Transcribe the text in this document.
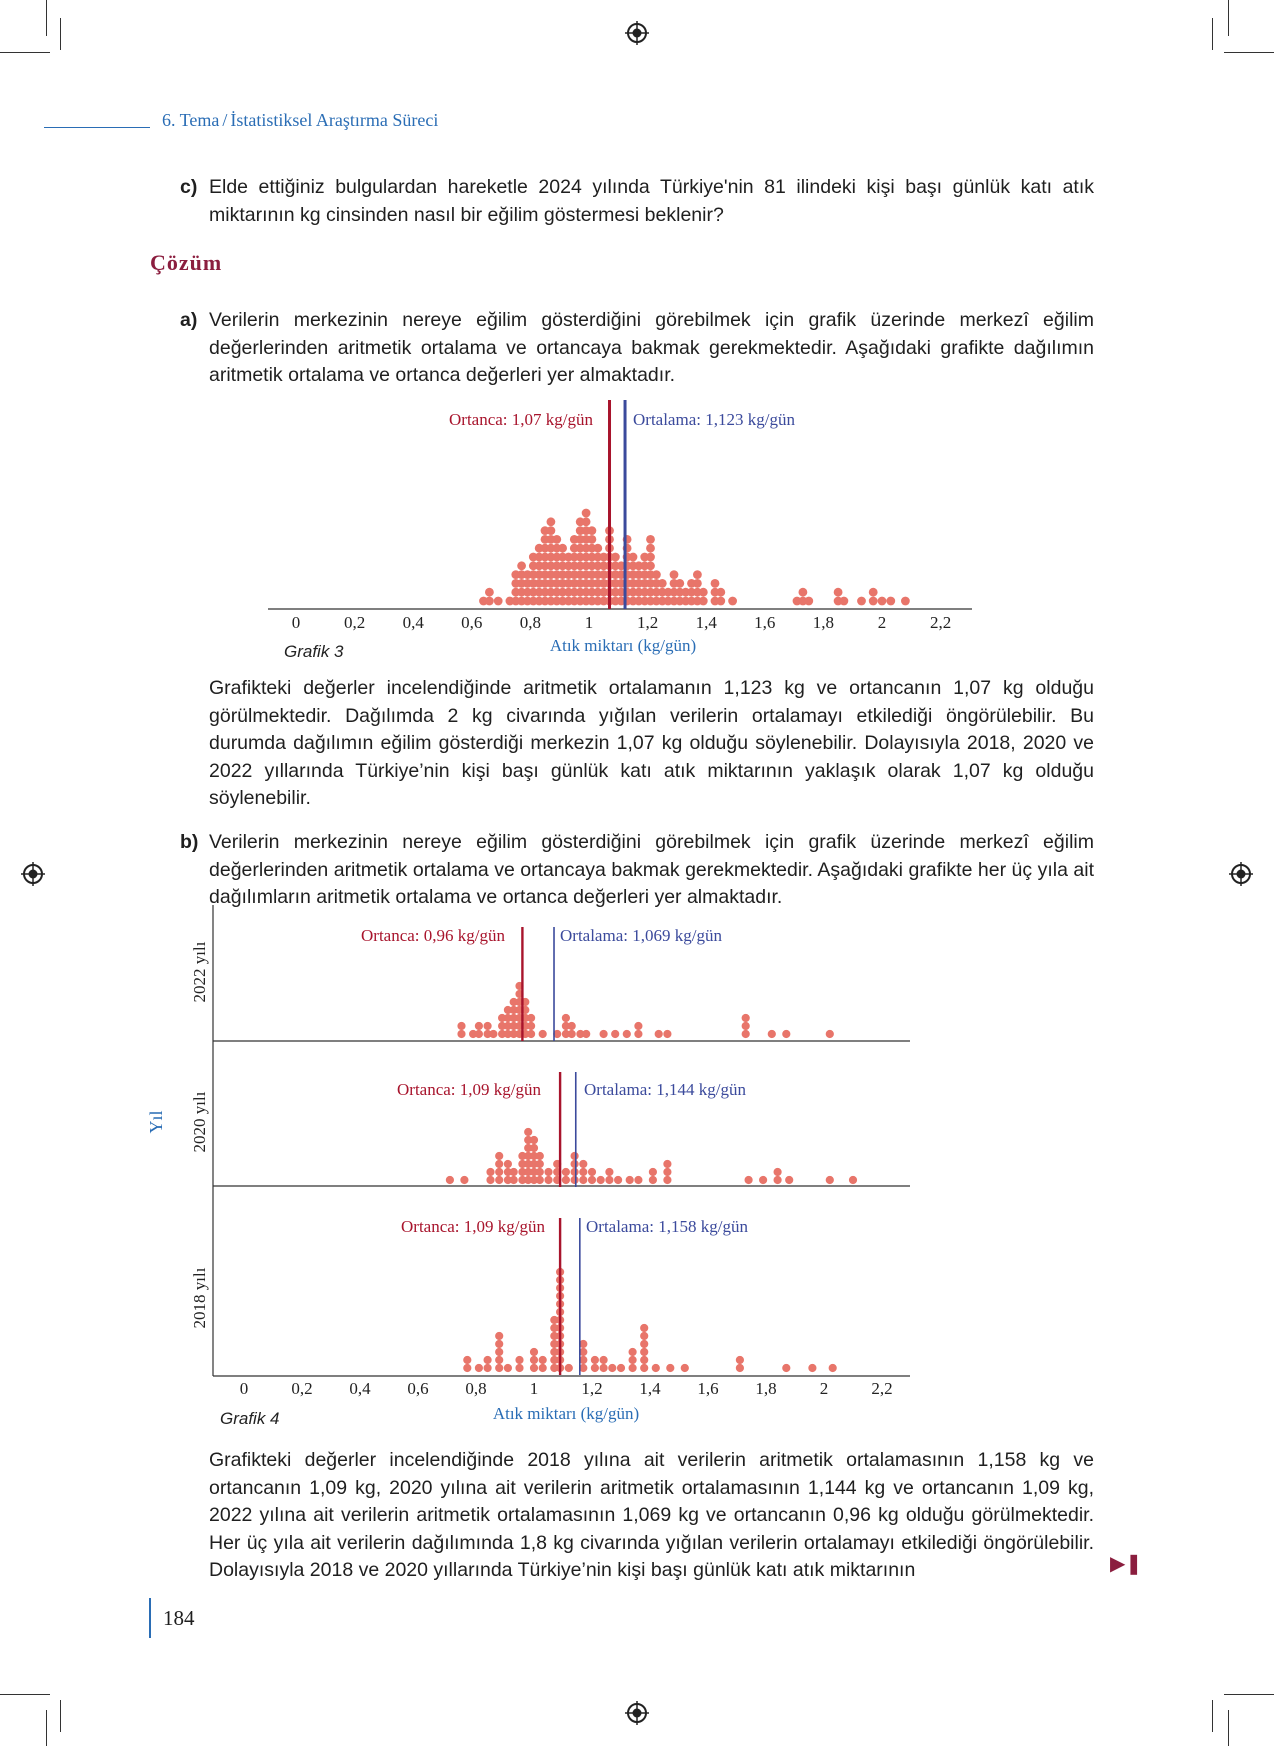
6. Tema / İstatistiksel Araştırma Süreci
c) Elde ettiğiniz bulgulardan hareketle 2024 yılında Türkiye'nin 81 ilindeki kişi başı günlük katı atık miktarının kg cinsinden nasıl bir eğilim göstermesi beklenir?
Çözüm
a) Verilerin merkezinin nereye eğilim gösterdiğini görebilmek için grafik üzerinde merkezî eğilim değerlerinden aritmetik ortalama ve ortancaya bakmak gerekmektedir. Aşağıdaki grafikte dağılımın aritmetik ortalama ve ortanca değerleri yer almaktadır.
Ortanca: 1,07 kg/gün Ortalama: 1,123 kg/gün
0	0,2 0,4 0,6 0,8	1	1,2 1,4 1,6 1,8	2	2,2
Atık miktarı (kg/gün)
Grafik 3
Grafikteki değerler incelendiğinde aritmetik ortalamanın 1,123 kg ve ortancanın 1,07 kg olduğu görülmektedir. Dağılımda 2 kg civarında yığılan verilerin ortalamayı etkilediği öngörülebilir. Bu durumda dağılımın eğilim gösterdiği merkezin 1,07 kg olduğu söylenebilir. Dolayısıyla 2018, 2020 ve 2022 yıllarında Türkiye’nin kişi başı günlük katı atık miktarının yaklaşık olarak 1,07 kg olduğu söylenebilir.
b) Verilerin merkezinin nereye eğilim gösterdiğini görebilmek için grafik üzerinde merkezî eğilim değerlerinden aritmetik ortalama ve ortancaya bakmak gerekmektedir. Aşağıdaki grafikte her üç yıla ait dağılımların aritmetik ortalama ve ortanca değerleri yer almaktadır.
Ortanca: 0,96 kg/gün	Ortalama: 1,069 kg/gün
Ortanca: 1,09 kg/gün	Ortalama: 1,144 kg/gün
Ortanca: 1,09 kg/gün Ortalama: 1,158 kg/gün
2022 yılı
2020 yılı
2018 yılı
Yıl
0	0,2 0,4 0,6 0,8	1	1,2 1,4 1,6 1,8	2	2,2
Atık miktarı (kg/gün)
Grafik 4
Grafikteki değerler incelendiğinde 2018 yılına ait verilerin aritmetik ortalamasının 1,158 kg ve ortancanın 1,09 kg, 2020 yılına ait verilerin aritmetik ortalamasının 1,144 kg ve ortancanın 1,09 kg, 2022 yılına ait verilerin aritmetik ortalamasının 1,069 kg ve ortancanın 0,96 kg olduğu görülmektedir. Her üç yıla ait verilerin dağılımında 1,8 kg civarında yığılan verilerin ortalamayı etkilediği öngörülebilir. Dolayısıyla 2018 ve 2020 yıllarında Türkiye’nin kişi başı günlük katı atık miktarının	▶❚
184
